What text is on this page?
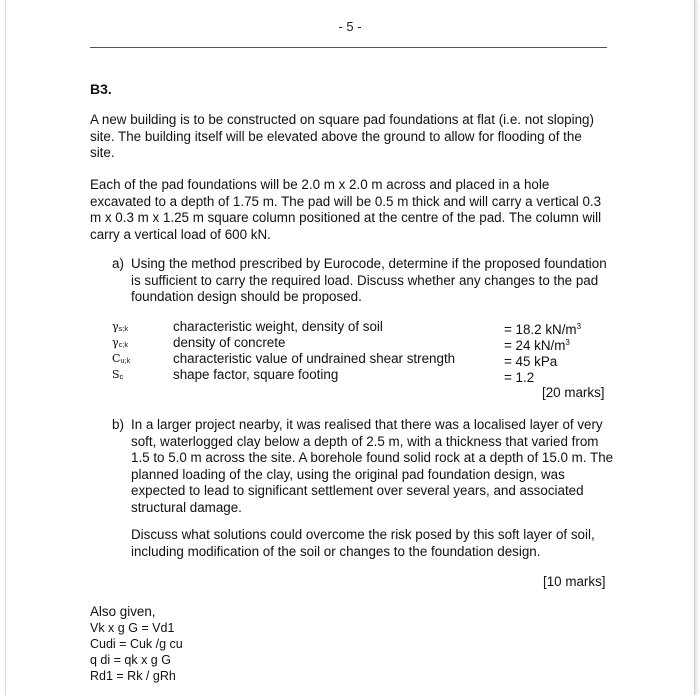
- 5 -
B3.
A new building is to be constructed on square pad foundations at flat (i.e. not sloping) site. The building itself will be elevated above the ground to allow for flooding of the site.
Each of the pad foundations will be 2.0 m x 2.0 m across and placed in a hole excavated to a depth of 1.75 m. The pad will be 0.5 m thick and will carry a vertical 0.3 m x 0.3 m x 1.25 m square column positioned at the centre of the pad. The column will carry a vertical load of 600 kN.
a) Using the method prescribed by Eurocode, determine if the proposed foundation is sufficient to carry the required load. Discuss whether any changes to the pad foundation design should be proposed.
$\gamma_{s;k}$	characteristic weight, density of soil	= 18.2 $kN/m^3$
$\gamma_{c;k}$	density of concrete	= 24 $kN/m^3$
$C_{u;k}$	characteristic value of undrained shear strength	= 45 kPa
$S_c$	shape factor, square footing	= 1.2
[20 marks]
b) In a larger project nearby, it was realised that there was a localised layer of very soft, waterlogged clay below a depth of 2.5 m, with a thickness that varied from 1.5 to 5.0 m across the site. A borehole found solid rock at a depth of 15.0 m. The planned loading of the clay, using the original pad foundation design, was expected to lead to significant settlement over several years, and associated structural damage.
Discuss what solutions could overcome the risk posed by this soft layer of soil, including modification of the soil or changes to the foundation design.
[10 marks]
Also given,
Vk x g G = Vd1
Cudi = Cuk /g cu
q di = qk x g G
Rd1 = Rk / gRh
